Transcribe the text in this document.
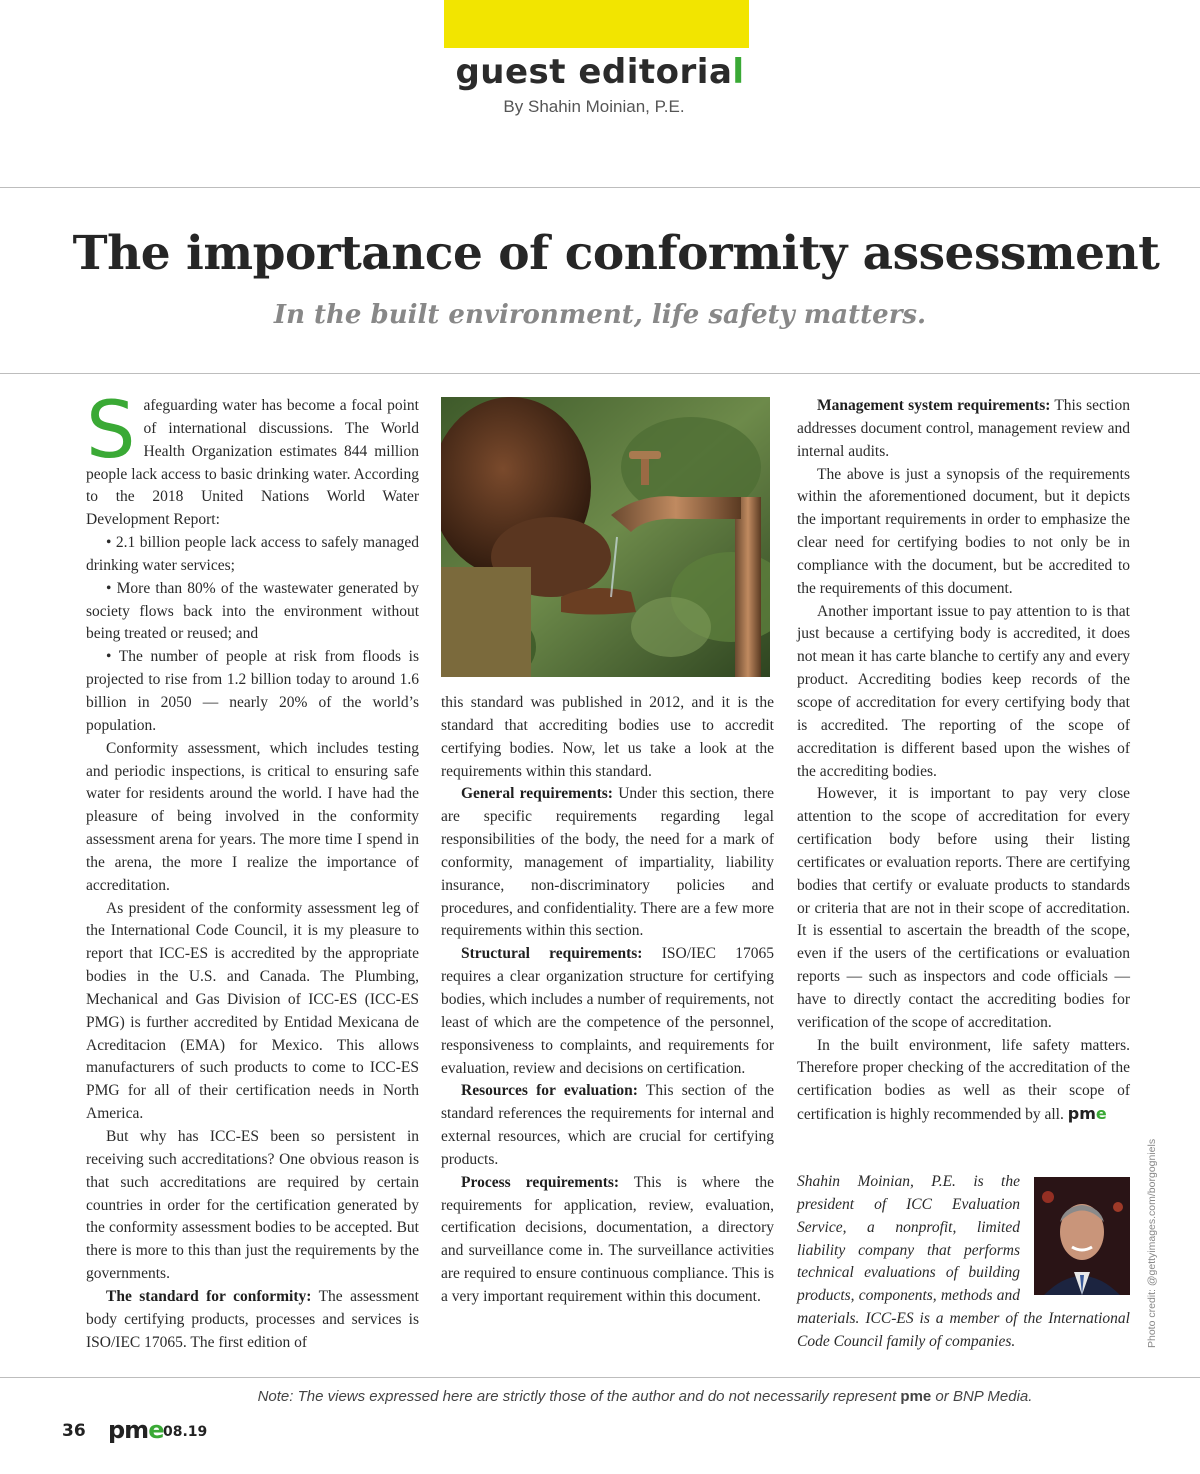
guest editorial
By Shahin Moinian, P.E.
The importance of conformity assessment
In the built environment, life safety matters.

Safeguarding water has become a focal point of international discussions. The World Health Organization estimates 844 million people lack access to basic drinking water. According to the 2018 United Nations World Water Development Report:

• 2.1 billion people lack access to safely managed drinking water services;

• More than 80% of the wastewater generated by society flows back into the environment without being treated or reused; and

• The number of people at risk from floods is projected to rise from 1.2 billion today to around 1.6 billion in 2050 — nearly 20% of the world’s population.

Conformity assessment, which includes testing and periodic inspections, is critical to ensuring safe water for residents around the world. I have had the pleasure of being involved in the conformity assessment arena for years. The more time I spend in the arena, the more I realize the importance of accreditation.

As president of the conformity assessment leg of the International Code Council, it is my pleasure to report that ICC-ES is accredited by the appropriate bodies in the U.S. and Canada. The Plumbing, Mechanical and Gas Division of ICC-ES (ICC-ES PMG) is further accredited by Entidad Mexicana de Acreditacion (EMA) for Mexico. This allows manufacturers of such products to come to ICC-ES PMG for all of their certification needs in North America.

But why has ICC-ES been so persistent in receiving such accreditations? One obvious reason is that such accreditations are required by certain countries in order for the certification generated by the conformity assessment bodies to be accepted. But there is more to this than just the requirements by the governments.

The standard for conformity: The assessment body certifying products, processes and services is ISO/IEC 17065. The first edition of

this standard was published in 2012, and it is the standard that accrediting bodies use to accredit certifying bodies. Now, let us take a look at the requirements within this standard.

General requirements: Under this section, there are specific requirements regarding legal responsibilities of the body, the need for a mark of conformity, management of impartiality, liability insurance, non-discriminatory policies and procedures, and confidentiality. There are a few more requirements within this section.

Structural requirements: ISO/IEC 17065 requires a clear organization structure for certifying bodies, which includes a number of requirements, not least of which are the competence of the personnel, responsiveness to complaints, and requirements for evaluation, review and decisions on certification.

Resources for evaluation: This section of the standard references the requirements for internal and external resources, which are crucial for certifying products.

Process requirements: This is where the requirements for application, review, evaluation, certification decisions, documentation, a directory and surveillance come in. The surveillance activities are required to ensure continuous compliance. This is a very important requirement within this document.

Management system requirements: This section addresses document control, management review and internal audits.

The above is just a synopsis of the requirements within the aforementioned document, but it depicts the important requirements in order to emphasize the clear need for certifying bodies to not only be in compliance with the document, but be accredited to the requirements of this document.

Another important issue to pay attention to is that just because a certifying body is accredited, it does not mean it has carte blanche to certify any and every product. Accrediting bodies keep records of the scope of accreditation for every certifying body that is accredited. The reporting of the scope of accreditation is different based upon the wishes of the accrediting bodies.

However, it is important to pay very close attention to the scope of accreditation for every certification body before using their listing certificates or evaluation reports. There are certifying bodies that certify or evaluate products to standards or criteria that are not in their scope of accreditation. It is essential to ascertain the breadth of the scope, even if the users of the certifications or evaluation reports — such as inspectors and code officials — have to directly contact the accrediting bodies for verification of the scope of accreditation.

In the built environment, life safety matters. Therefore proper checking of the accreditation of the certification bodies as well as their scope of certification is highly recommended by all. pme

Shahin Moinian, P.E. is the president of ICC Evaluation Service, a nonprofit, limited liability company that performs technical evaluations of building products, components, methods and materials. ICC-ES is a member of the International Code Council family of companies.	Photo credit: @gettyimages.com/borgogniels
Note: The views expressed here are strictly those of the author and do not necessarily represent pme or BNP Media.
36 pme 08.19
